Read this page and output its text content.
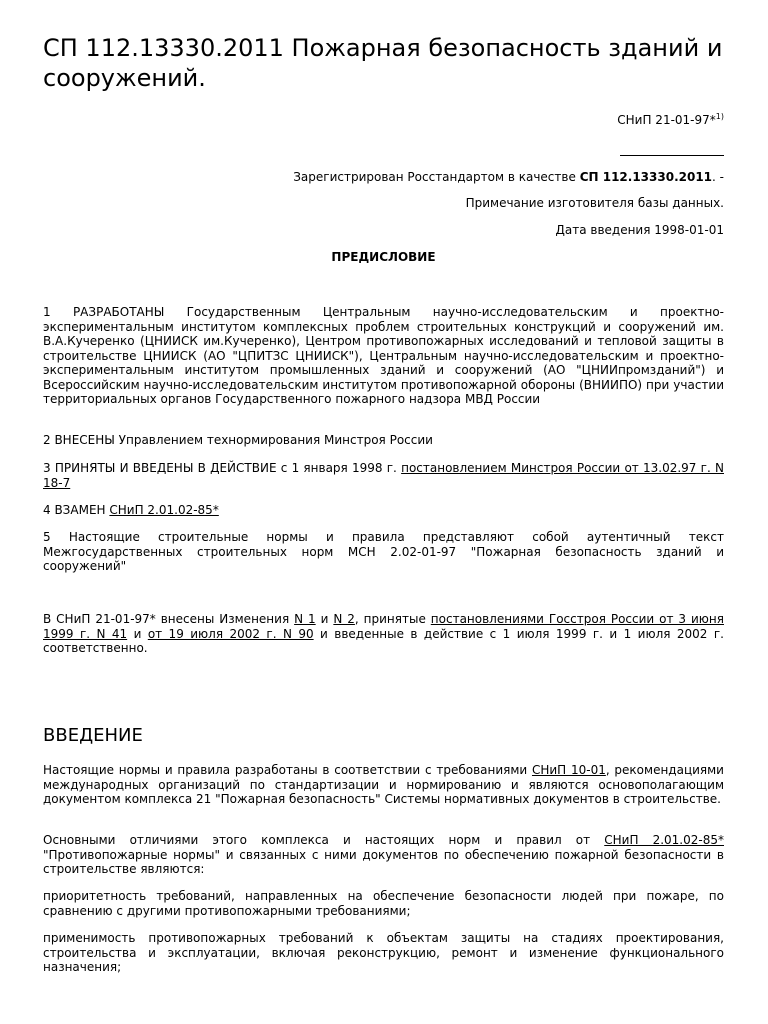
СП 112.13330.2011 Пожарная безопасность зданий и сооружений.
СНиП 21-01-97*$^{1)}$
Зарегистрирован Росстандартом в качестве СП 112.13330.2011. -
Примечание изготовителя базы данных.
Дата введения 1998-01-01
ПРЕДИСЛОВИЕ

1 РАЗРАБОТАНЫ Государственным Центральным научно-исследовательским и проектно-экспериментальным институтом комплексных проблем строительных конструкций и сооружений им. В.А.Кучеренко (ЦНИИСК им.Кучеренко), Центром противопожарных исследований и тепловой защиты в строительстве ЦНИИСК (АО "ЦПИТЗС ЦНИИСК"), Центральным научно-исследовательским и проектно-экспериментальным институтом промышленных зданий и сооружений (АО "ЦНИИпромзданий") и Всероссийским научно-исследовательским институтом противопожарной обороны (ВНИИПО) при участии территориальных органов Государственного пожарного надзора МВД России

2 ВНЕСЕНЫ Управлением технормирования Минстроя России

3 ПРИНЯТЫ И ВВЕДЕНЫ В ДЕЙСТВИЕ с 1 января 1998 г. постановлением Минстроя России от 13.02.97 г. N 18-7

4 ВЗАМЕН СНиП 2.01.02-85*

5 Настоящие строительные нормы и правила представляют собой аутентичный текст Межгосударственных строительных норм МСН 2.02-01-97 "Пожарная безопасность зданий и сооружений"

В СНиП 21-01-97* внесены Изменения N 1 и N 2, принятые постановлениями Госстроя России от 3 июня 1999 г. N 41 и от 19 июля 2002 г. N 90 и введенные в действие с 1 июля 1999 г. и 1 июля 2002 г. соответственно.

ВВЕДЕНИЕ

Настоящие нормы и правила разработаны в соответствии с требованиями СНиП 10-01, рекомендациями международных организаций по стандартизации и нормированию и являются основополагающим документом комплекса 21 "Пожарная безопасность" Системы нормативных документов в строительстве.

Основными отличиями этого комплекса и настоящих норм и правил от СНиП 2.01.02-85* "Противопожарные нормы" и связанных с ними документов по обеспечению пожарной безопасности в строительстве являются:

приоритетность требований, направленных на обеспечение безопасности людей при пожаре, по сравнению с другими противопожарными требованиями;

применимость противопожарных требований к объектам защиты на стадиях проектирования, строительства и эксплуатации, включая реконструкцию, ремонт и изменение функционального назначения;
